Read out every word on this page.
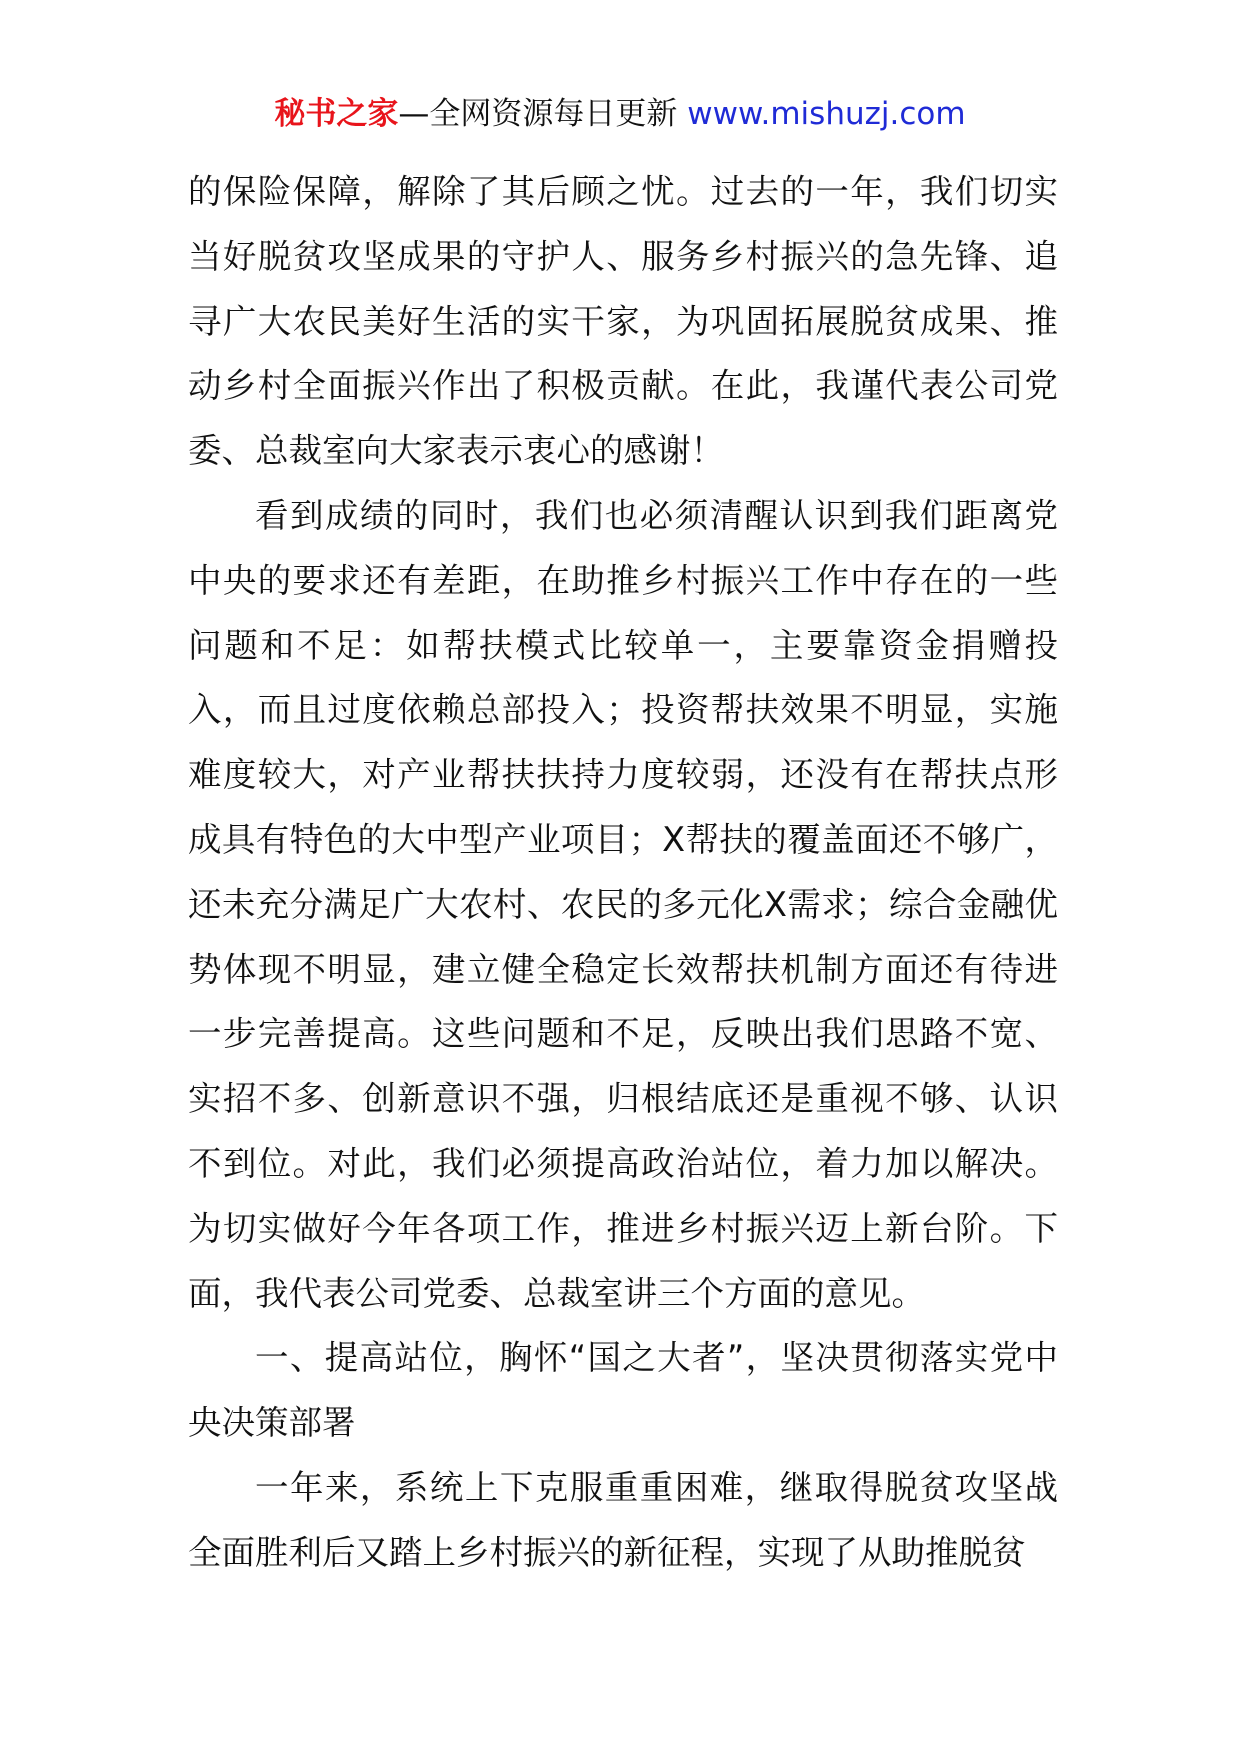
秘书之家—全网资源每日更新 www.mishuzj.com

的保险保障，解除了其后顾之忧。过去的一年，我们切实当好脱贫攻坚成果的守护人、服务乡村振兴的急先锋、追寻广大农民美好生活的实干家，为巩固拓展脱贫成果、推动乡村全面振兴作出了积极贡献。在此，我谨代表公司党委、总裁室向大家表示衷心的感谢！

看到成绩的同时，我们也必须清醒认识到我们距离党中央的要求还有差距，在助推乡村振兴工作中存在的一些问题和不足：如帮扶模式比较单一，主要靠资金捐赠投入，而且过度依赖总部投入；投资帮扶效果不明显，实施难度较大，对产业帮扶扶持力度较弱，还没有在帮扶点形成具有特色的大中型产业项目；X帮扶的覆盖面还不够广，还未充分满足广大农村、农民的多元化X需求；综合金融优势体现不明显，建立健全稳定长效帮扶机制方面还有待进一步完善提高。这些问题和不足，反映出我们思路不宽、实招不多、创新意识不强，归根结底还是重视不够、认识不到位。对此，我们必须提高政治站位，着力加以解决。为切实做好今年各项工作，推进乡村振兴迈上新台阶。下面，我代表公司党委、总裁室讲三个方面的意见。

一、提高站位，胸怀“国之大者”，坚决贯彻落实党中央决策部署

一年来，系统上下克服重重困难，继取得脱贫攻坚战全面胜利后又踏上乡村振兴的新征程，实现了从助推脱贫
